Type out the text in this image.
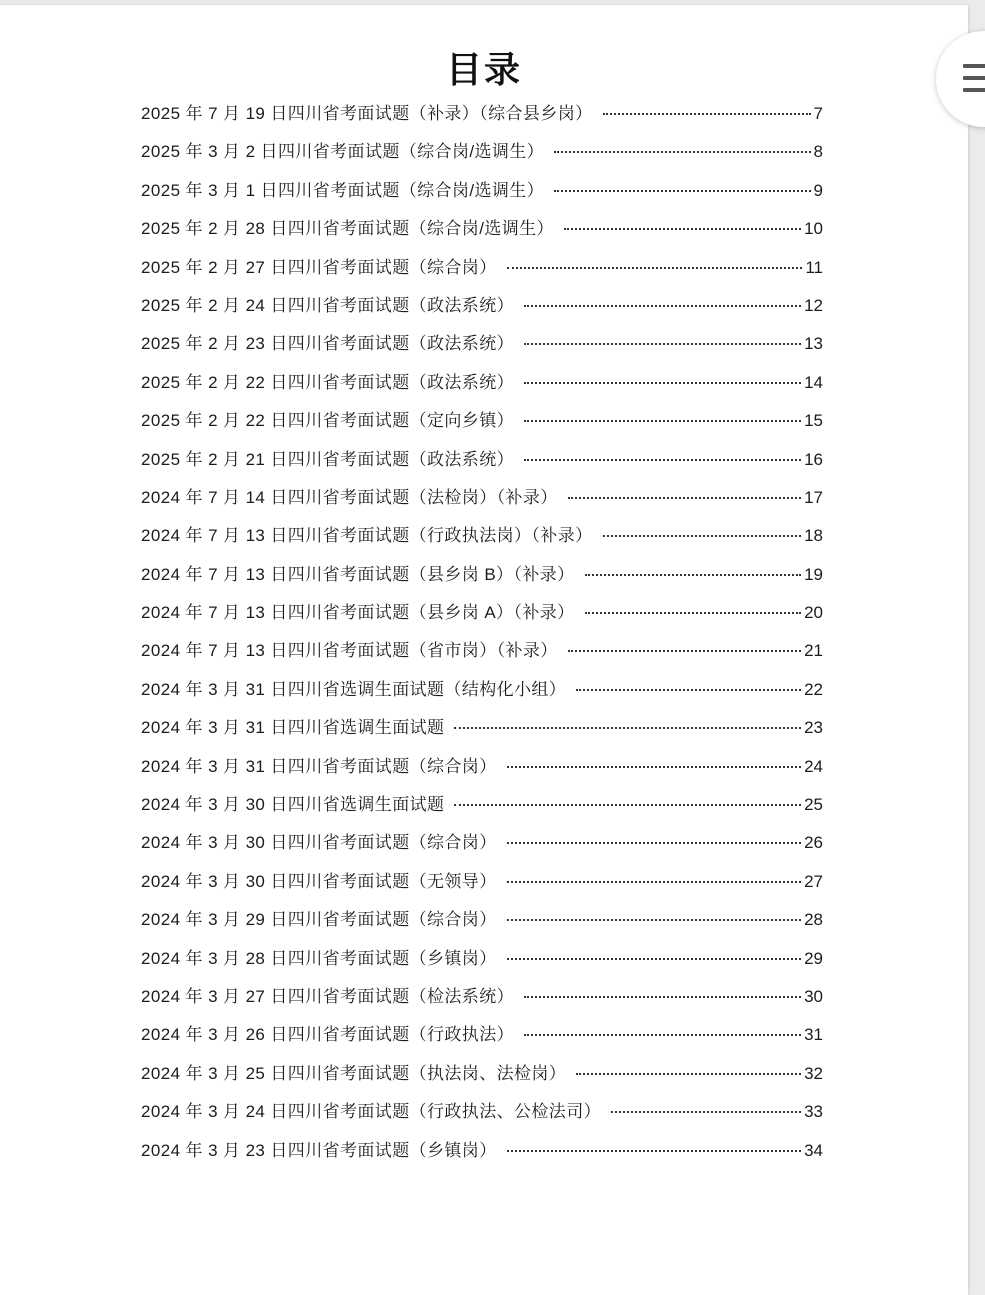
目录
2025 年 7 月 19 日四川省考面试题（补录）（综合县乡岗）	7
2025 年 3 月 2 日四川省考面试题（综合岗/选调生）	8
2025 年 3 月 1 日四川省考面试题（综合岗/选调生）	9
2025 年 2 月 28 日四川省考面试题（综合岗/选调生）	10
2025 年 2 月 27 日四川省考面试题（综合岗）	11
2025 年 2 月 24 日四川省考面试题（政法系统）	12
2025 年 2 月 23 日四川省考面试题（政法系统）	13
2025 年 2 月 22 日四川省考面试题（政法系统）	14
2025 年 2 月 22 日四川省考面试题（定向乡镇）	15
2025 年 2 月 21 日四川省考面试题（政法系统）	16
2024 年 7 月 14 日四川省考面试题（法检岗）（补录）	17
2024 年 7 月 13 日四川省考面试题（行政执法岗）（补录）	18
2024 年 7 月 13 日四川省考面试题（县乡岗 B）（补录）	19
2024 年 7 月 13 日四川省考面试题（县乡岗 A）（补录）	20
2024 年 7 月 13 日四川省考面试题（省市岗）（补录）	21
2024 年 3 月 31 日四川省选调生面试题（结构化小组）	22
2024 年 3 月 31 日四川省选调生面试题	23
2024 年 3 月 31 日四川省考面试题（综合岗）	24
2024 年 3 月 30 日四川省选调生面试题	25
2024 年 3 月 30 日四川省考面试题（综合岗）	26
2024 年 3 月 30 日四川省考面试题（无领导）	27
2024 年 3 月 29 日四川省考面试题（综合岗）	28
2024 年 3 月 28 日四川省考面试题（乡镇岗）	29
2024 年 3 月 27 日四川省考面试题（检法系统）	30
2024 年 3 月 26 日四川省考面试题（行政执法）	31
2024 年 3 月 25 日四川省考面试题（执法岗、法检岗）	32
2024 年 3 月 24 日四川省考面试题（行政执法、公检法司）	33
2024 年 3 月 23 日四川省考面试题（乡镇岗）	34
